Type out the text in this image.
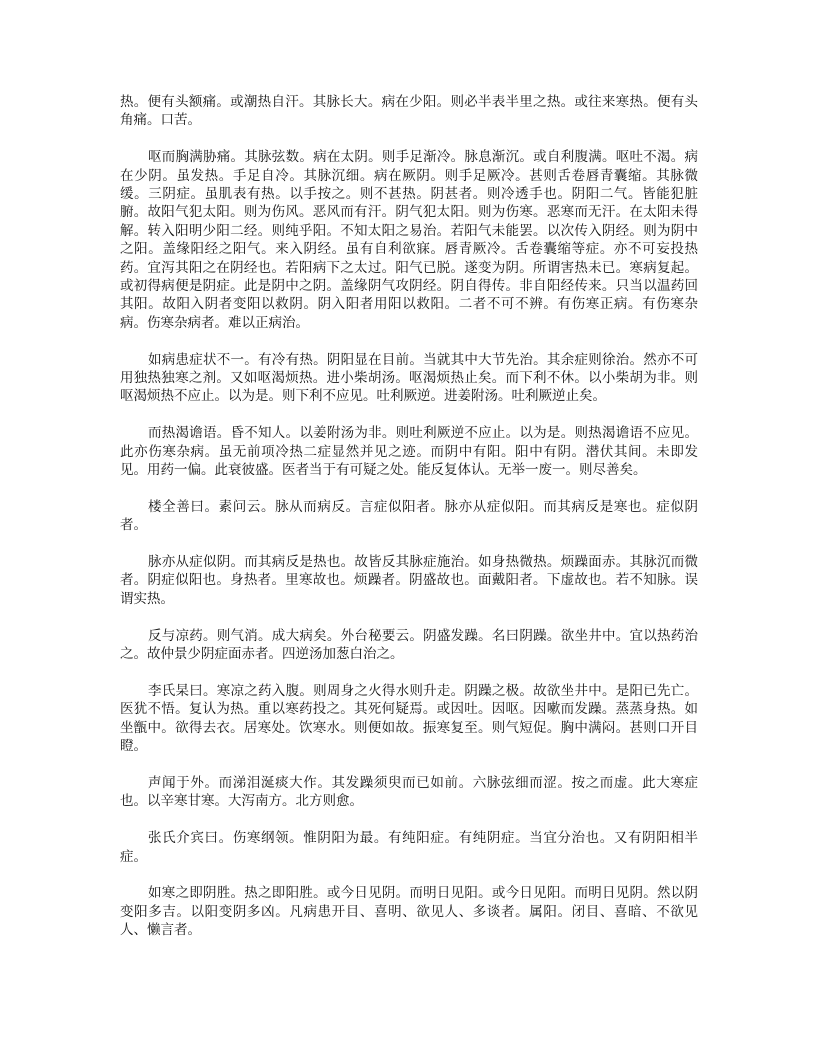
热。便有头额痛。或潮热自汗。其脉长大。病在少阳。则必半表半里之热。或往来寒热。便有头角痛。口苦。

呕而胸满胁痛。其脉弦数。病在太阴。则手足渐冷。脉息渐沉。或自利腹满。呕吐不渴。病在少阴。虽发热。手足自冷。其脉沉细。病在厥阴。则手足厥冷。甚则舌卷唇青囊缩。其脉微缓。三阴症。虽肌表有热。以手按之。则不甚热。阴甚者。则冷透手也。阴阳二气。皆能犯脏腑。故阳气犯太阳。则为伤风。恶风而有汗。阴气犯太阳。则为伤寒。恶寒而无汗。在太阳未得解。转入阳明少阳二经。则纯乎阳。不知太阳之易治。若阳气未能罢。以次传入阴经。则为阴中之阳。盖缘阳经之阳气。来入阴经。虽有自利欲寐。唇青厥冷。舌卷囊缩等症。亦不可妄投热药。宜泻其阳之在阴经也。若阳病下之太过。阳气已脱。遂变为阴。所谓害热未已。寒病复起。或初得病便是阴症。此是阴中之阴。盖缘阴气攻阴经。阴自得传。非自阳经传来。只当以温药回其阳。故阳入阴者变阳以救阴。阴入阳者用阳以救阳。二者不可不辨。有伤寒正病。有伤寒杂病。伤寒杂病者。难以正病治。

如病患症状不一。有冷有热。阴阳显在目前。当就其中大节先治。其余症则徐治。然亦不可用独热独寒之剂。又如呕渴烦热。进小柴胡汤。呕渴烦热止矣。而下利不休。以小柴胡为非。则呕渴烦热不应止。以为是。则下利不应见。吐利厥逆。进姜附汤。吐利厥逆止矣。

而热渴谵语。昏不知人。以姜附汤为非。则吐利厥逆不应止。以为是。则热渴谵语不应见。此亦伤寒杂病。虽无前项冷热二症显然并见之迹。而阴中有阳。阳中有阴。潜伏其间。未即发见。用药一偏。此衰彼盛。医者当于有可疑之处。能反复体认。无举一废一。则尽善矣。

楼全善曰。素问云。脉从而病反。言症似阳者。脉亦从症似阳。而其病反是寒也。症似阴者。

脉亦从症似阴。而其病反是热也。故皆反其脉症施治。如身热微热。烦躁面赤。其脉沉而微者。阴症似阳也。身热者。里寒故也。烦躁者。阴盛故也。面戴阳者。下虚故也。若不知脉。误谓实热。

反与凉药。则气消。成大病矣。外台秘要云。阴盛发躁。名曰阴躁。欲坐井中。宜以热药治之。故仲景少阴症面赤者。四逆汤加葱白治之。

李氏杲曰。寒凉之药入腹。则周身之火得水则升走。阴躁之极。故欲坐井中。是阳已先亡。医犹不悟。复认为热。重以寒药投之。其死何疑焉。或因吐。因呕。因嗽而发躁。蒸蒸身热。如坐甑中。欲得去衣。居寒处。饮寒水。则便如故。振寒复至。则气短促。胸中满闷。甚则口开目瞪。

声闻于外。而涕泪涎痰大作。其发躁须臾而已如前。六脉弦细而涩。按之而虚。此大寒症也。以辛寒甘寒。大泻南方。北方则愈。

张氏介宾曰。伤寒纲领。惟阴阳为最。有纯阳症。有纯阴症。当宜分治也。又有阴阳相半症。

如寒之即阴胜。热之即阳胜。或今日见阴。而明日见阳。或今日见阳。而明日见阴。然以阴变阳多吉。以阳变阴多凶。凡病患开目、喜明、欲见人、多谈者。属阳。闭目、喜暗、不欲见人、懒言者。
